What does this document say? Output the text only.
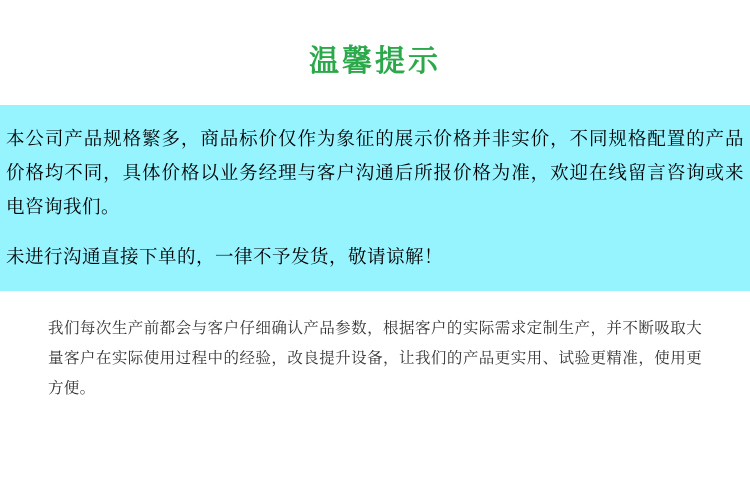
温馨提示

本公司产品规格繁多，商品标价仅作为象征的展示价格并非实价，不同规格配置的产品价格均不同，具体价格以业务经理与客户沟通后所报价格为准，欢迎在线留言咨询或来电咨询我们。

未进行沟通直接下单的，一律不予发货，敬请谅解！

我们每次生产前都会与客户仔细确认产品参数，根据客户的实际需求定制生产，并不断吸取大量客户在实际使用过程中的经验，改良提升设备，让我们的产品更实用、试验更精准，使用更方便。
